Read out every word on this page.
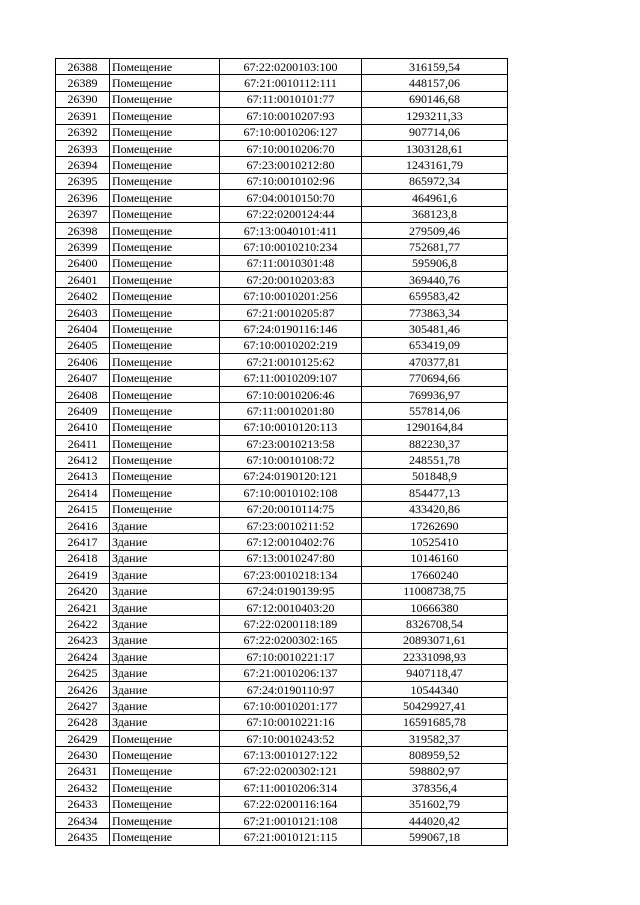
26388	Помещение	67:22:0200103:100	316159,54
26389	Помещение	67:21:0010112:111	448157,06
26390	Помещение	67:11:0010101:77	690146,68
26391	Помещение	67:10:0010207:93	1293211,33
26392	Помещение	67:10:0010206:127	907714,06
26393	Помещение	67:10:0010206:70	1303128,61
26394	Помещение	67:23:0010212:80	1243161,79
26395	Помещение	67:10:0010102:96	865972,34
26396	Помещение	67:04:0010150:70	464961,6
26397	Помещение	67:22:0200124:44	368123,8
26398	Помещение	67:13:0040101:411	279509,46
26399	Помещение	67:10:0010210:234	752681,77
26400	Помещение	67:11:0010301:48	595906,8
26401	Помещение	67:20:0010203:83	369440,76
26402	Помещение	67:10:0010201:256	659583,42
26403	Помещение	67:21:0010205:87	773863,34
26404	Помещение	67:24:0190116:146	305481,46
26405	Помещение	67:10:0010202:219	653419,09
26406	Помещение	67:21:0010125:62	470377,81
26407	Помещение	67:11:0010209:107	770694,66
26408	Помещение	67:10:0010206:46	769936,97
26409	Помещение	67:11:0010201:80	557814,06
26410	Помещение	67:10:0010120:113	1290164,84
26411	Помещение	67:23:0010213:58	882230,37
26412	Помещение	67:10:0010108:72	248551,78
26413	Помещение	67:24:0190120:121	501848,9
26414	Помещение	67:10:0010102:108	854477,13
26415	Помещение	67:20:0010114:75	433420,86
26416	Здание	67:23:0010211:52	17262690
26417	Здание	67:12:0010402:76	10525410
26418	Здание	67:13:0010247:80	10146160
26419	Здание	67:23:0010218:134	17660240
26420	Здание	67:24:0190139:95	11008738,75
26421	Здание	67:12:0010403:20	10666380
26422	Здание	67:22:0200118:189	8326708,54
26423	Здание	67:22:0200302:165	20893071,61
26424	Здание	67:10:0010221:17	22331098,93
26425	Здание	67:21:0010206:137	9407118,47
26426	Здание	67:24:0190110:97	10544340
26427	Здание	67:10:0010201:177	50429927,41
26428	Здание	67:10:0010221:16	16591685,78
26429	Помещение	67:10:0010243:52	319582,37
26430	Помещение	67:13:0010127:122	808959,52
26431	Помещение	67:22:0200302:121	598802,97
26432	Помещение	67:11:0010206:314	378356,4
26433	Помещение	67:22:0200116:164	351602,79
26434	Помещение	67:21:0010121:108	444020,42
26435	Помещение	67:21:0010121:115	599067,18
